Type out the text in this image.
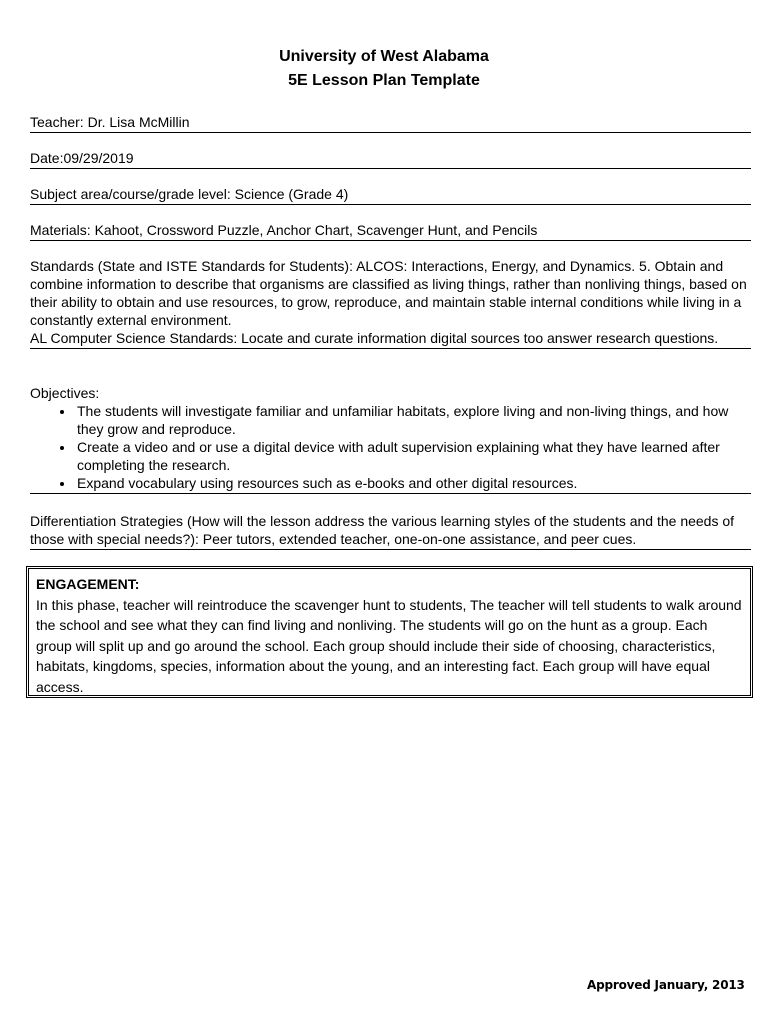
University of West Alabama
5E Lesson Plan Template
Teacher: Dr. Lisa McMillin
Date:09/29/2019
Subject area/course/grade level: Science (Grade 4)
Materials: Kahoot, Crossword Puzzle, Anchor Chart, Scavenger Hunt, and Pencils
Standards (State and ISTE Standards for Students): ALCOS: Interactions, Energy, and Dynamics. 5. Obtain and combine information to describe that organisms are classified as living things, rather than nonliving things, based on their ability to obtain and use resources, to grow, reproduce, and maintain stable internal conditions while living in a constantly external environment.
AL Computer Science Standards: Locate and curate information digital sources too answer research questions.
Objectives:
• The students will investigate familiar and unfamiliar habitats, explore living and non-living things, and how they grow and reproduce.
• Create a video and or use a digital device with adult supervision explaining what they have learned after completing the research.
• Expand vocabulary using resources such as e-books and other digital resources.
Differentiation Strategies (How will the lesson address the various learning styles of the students and the needs of those with special needs?): Peer tutors, extended teacher, one-on-one assistance, and peer cues.
ENGAGEMENT:
In this phase, teacher will reintroduce the scavenger hunt to students, The teacher will tell students to walk around the school and see what they can find living and nonliving. The students will go on the hunt as a group. Each group will split up and go around the school. Each group should include their side of choosing, characteristics, habitats, kingdoms, species, information about the young, and an interesting fact. Each group will have equal access.
Approved January, 2013
